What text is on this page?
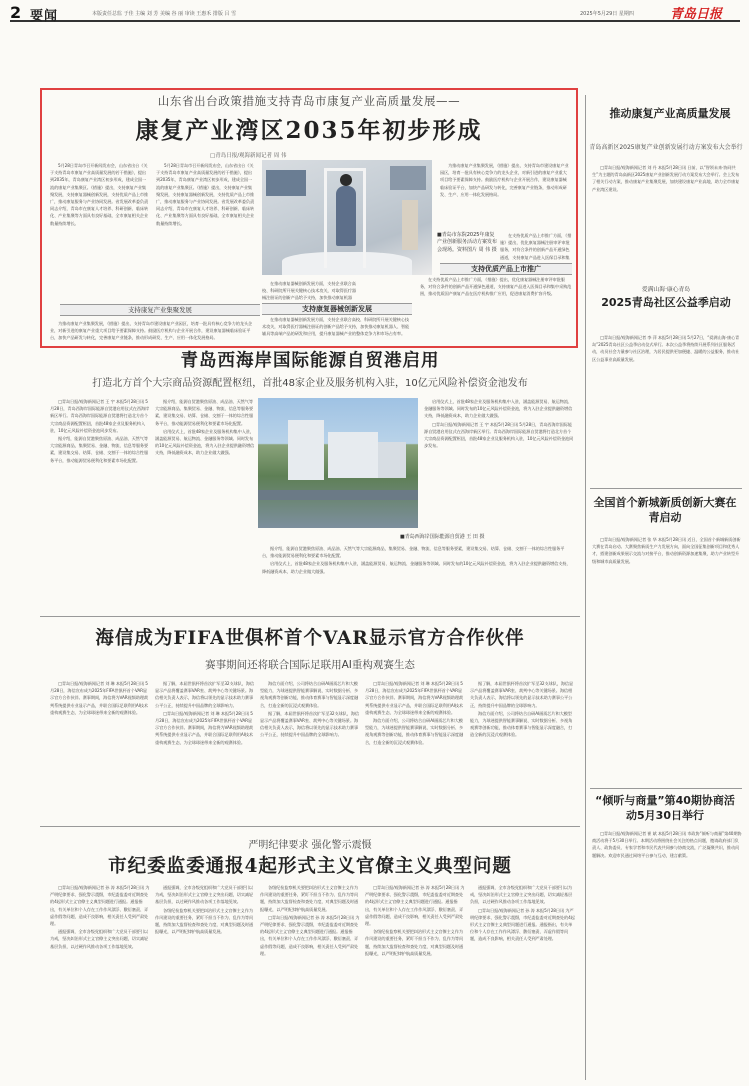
2 要闻	本版责任总监 于佳 主编 刘 芳 美编 谷 丽 审读 王惠禾 排版 吕 雪	2025年5月29日 星期四	青岛日报
山东省出台政策措施支持青岛市康复产业高质量发展——
康复产业湾区2035年初步形成
□青岛日报/观海新闻记者 周 伟

5月28日青岛市召开新闻发布会，山东省出台《关于支持青岛市康复产业高质量发展的若干措施》，提出到2035年，青岛康复产业湾区初步形成，建成全国一流的康复产业集聚区。《措施》提出，支持康复产业集聚发展，支持康复器械创新发展，支持优质产品上市推广，推动康复服务与产业协同发展。省发展改革委负责同志介绍，青岛市在康复人才培养、科研创新、临床转化、产业集聚等方面具有良好基础，全市康复相关企业数量持续增长。

5月28日青岛市召开新闻发布会，山东省出台《关于支持青岛市康复产业高质量发展的若干措施》，提出到2035年，青岛康复产业湾区初步形成，建成全国一流的康复产业集聚区。《措施》提出，支持康复产业集聚发展，支持康复器械创新发展，支持优质产品上市推广，推动康复服务与产业协同发展。省发展改革委负责同志介绍，青岛市在康复人才培养、科研创新、临床转化、产业集聚等方面具有良好基础，全市康复相关企业数量持续增长。

支持康复产业集聚发展

为推动康复产业集聚发展，《措施》提出，支持青岛市建设康复产业园区，培育一批具有核心竞争力的龙头企业，对新引进的康复产业重大项目给予要素保障支持。鼓励医疗机构与企业开展合作，建设康复器械临床验证平台，加快产品研发与转化，完善康复产业链条，推动形成研发、生产、应用一体化发展格局。

■青岛市东院2025年康复产业创新服务活动方案发布会现场。资料图片 周 伟 摄

在推动康复器械创新发展方面，支持企业联合高校、科研院所开展关键核心技术攻关，对取得医疗器械注册证的创新产品给予支持，加快推动康复机器

支持康复器械创新发展

在推动康复器械创新发展方面，支持企业联合高校、科研院所开展关键核心技术攻关，对取得医疗器械注册证的创新产品给予支持，加快推动康复机器人、智能辅具等高端产品的研发和应用，提升康复器械产业的整体竞争力和市场占有率。

为推动康复产业集聚发展，《措施》提出，支持青岛市建设康复产业园区，培育一批具有核心竞争力的龙头企业，对新引进的康复产业重大项目给予要素保障支持。鼓励医疗机构与企业开展合作，建设康复器械临床验证平台，加快产品研发与转化，完善康复产业链条，推动形成研发、生产、应用一体化发展格局。

在支持优质产品上市推广方面，《措施》提出，优化康复器械注册审评审批服务，对符合条件的创新产品开通绿色通道，支持康复产品进入医保目录和集

支持优质产品上市推广

在支持优质产品上市推广方面，《措施》提出，优化康复器械注册审评审批服务，对符合条件的创新产品开通绿色通道，支持康复产品进入医保目录和集中采购范围，推动优质国产康复产品在医疗机构推广应用，促进康复消费扩容升级。

推动康复产业高质量发展
青岛高新区2025康复产业创新发展行动方案发布大会举行

□青岛日报/观海新闻记者 刘 丹 本报5月28日讯 日前，以“智领未来·协同共生”为主题的青岛高新区2025康复产业创新发展行动方案发布大会举行。会上发布了相关行动方案，推动康复产业集聚发展，加快建设康复产业高地，助力全市康复产业湾区建设。

爱满山海·康心青岛
2025青岛社区公益季启动

□青岛日报/观海新闻记者 李 萍 本报5月28日讯 5月27日，“爱满山海·康心青岛”2025青岛社区公益季启动仪式举行。本次公益季将持续开展系列社区服务活动，动员社会力量参与社区治理，为居民提供更加便捷、温暖的公益服务，推动社区公益事业高质量发展。

全国首个新城新质创新大赛在青启动

□青岛日报/观海新闻记者 张 华 本报5月28日讯 近日，全国首个新城新质创新大赛在青岛启动。大赛聚焦新质生产力发展方向，面向全国征集创新项目和优秀人才，搭建创新成果展示交流与对接平台，推动创新资源加速集聚，助力产业转型升级和城市高质量发展。

“倾听与商量”第40期协商活动5月30日举行

□青岛日报/观海新闻记者 崔 斌 本报5月28日讯 市政协“倾听与商量”第40期协商活动将于5月30日举行。本期活动将围绕社会关注的热点问题，邀请政府部门负责人、政协委员、专家学者和市民代表共同参与协商交流，广泛凝聚共识，推动问题解决。欢迎市民通过网络平台参与互动，建言献策。

青岛西海岸国际能源自贸港启用
打造北方首个大宗商品资源配置枢纽，首批48家企业及服务机构入驻，10亿元风险补偿资金池发布

□青岛日报/观海新闻记者 王 宇 本报5月28日讯 5月28日，青岛西海岸国际能源自贸港启用仪式在西海岸新区举行。青岛西海岸国际能源自贸港将打造北方首个大宗商品资源配置枢纽，首批48家企业及服务机构入驻，10亿元风险补偿资金池同步发布。

据介绍，能源自贸港聚焦原油、成品油、天然气等大宗能源商品，集聚贸易、金融、物流、信息等服务要素，建设集交易、结算、仓储、交割于一体的综合性服务平台，推动能源贸易便利化和要素市场化配置。

据介绍，能源自贸港聚焦原油、成品油、天然气等大宗能源商品，集聚贸易、金融、物流、信息等服务要素，建设集交易、结算、仓储、交割于一体的综合性服务平台，推动能源贸易便利化和要素市场化配置。

启用仪式上，首批48家企业及服务机构集中入驻，涵盖能源贸易、航运物流、金融服务等领域。同时发布的10亿元风险补偿资金池，将为入驻企业提供融资增信支持，降低融资成本，助力企业做大做强。

■青岛西海岸国际能源自贸港 王 田 摄

启用仪式上，首批48家企业及服务机构集中入驻，涵盖能源贸易、航运物流、金融服务等领域。同时发布的10亿元风险补偿资金池，将为入驻企业提供融资增信支持，降低融资成本，助力企业做大做强。

□青岛日报/观海新闻记者 王 宇 本报5月28日讯 5月28日，青岛西海岸国际能源自贸港启用仪式在西海岸新区举行。青岛西海岸国际能源自贸港将打造北方首个大宗商品资源配置枢纽，首批48家企业及服务机构入驻，10亿元风险补偿资金池同步发布。

据介绍，能源自贸港聚焦原油、成品油、天然气等大宗能源商品，集聚贸易、金融、物流、信息等服务要素，建设集交易、结算、仓储、交割于一体的综合性服务平台，推动能源贸易便利化和要素市场化配置。

启用仪式上，首批48家企业及服务机构集中入驻，涵盖能源贸易、航运物流、金融服务等领域。同时发布的10亿元风险补偿资金池，将为入驻企业提供融资增信支持，降低融资成本，助力企业做大做强。

海信成为FIFA世俱杯首个VAR显示官方合作伙伴
赛事期间还将联合国际足联用AI重构观赛生态

□青岛日报/观海新闻记者 刘 琳 本报5月28日讯 5月28日，海信宣布成为2025年FIFA世俱杯首个VAR显示官方合作伙伴。赛事期间，海信将为VAR视频助理裁判系统提供专业显示产品，并联合国际足联利用AI技术重构观赛生态，为全球球迷带来全新的观赛体验。

据了解，本届世俱杯将首次扩军至32支球队，海信显示产品将覆盖赛事VAR室、裁判中心等关键场景。海信相关负责人表示，海信将以领先的显示技术助力赛事公平公正，持续提升中国品牌的全球影响力。

□青岛日报/观海新闻记者 刘 琳 本报5月28日讯 5月28日，海信宣布成为2025年FIFA世俱杯首个VAR显示官方合作伙伴。赛事期间，海信将为VAR视频助理裁判系统提供专业显示产品，并联合国际足联利用AI技术重构观赛生态，为全球球迷带来全新的观赛体验。

海信方面介绍，公司将结合自研AI画质芯片和大模型能力，为球迷提供智能赛事解说、实时数据分析、多视角观赛等创新功能，推动体育赛事与智能显示深度融合，打造全新的沉浸式观赛体验。

据了解，本届世俱杯将首次扩军至32支球队，海信显示产品将覆盖赛事VAR室、裁判中心等关键场景。海信相关负责人表示，海信将以领先的显示技术助力赛事公平公正，持续提升中国品牌的全球影响力。

□青岛日报/观海新闻记者 刘 琳 本报5月28日讯 5月28日，海信宣布成为2025年FIFA世俱杯首个VAR显示官方合作伙伴。赛事期间，海信将为VAR视频助理裁判系统提供专业显示产品，并联合国际足联利用AI技术重构观赛生态，为全球球迷带来全新的观赛体验。

海信方面介绍，公司将结合自研AI画质芯片和大模型能力，为球迷提供智能赛事解说、实时数据分析、多视角观赛等创新功能，推动体育赛事与智能显示深度融合，打造全新的沉浸式观赛体验。

据了解，本届世俱杯将首次扩军至32支球队，海信显示产品将覆盖赛事VAR室、裁判中心等关键场景。海信相关负责人表示，海信将以领先的显示技术助力赛事公平公正，持续提升中国品牌的全球影响力。

海信方面介绍，公司将结合自研AI画质芯片和大模型能力，为球迷提供智能赛事解说、实时数据分析、多视角观赛等创新功能，推动体育赛事与智能显示深度融合，打造全新的沉浸式观赛体验。

严明纪律要求 强化警示震慑
市纪委监委通报4起形式主义官僚主义典型问题

□青岛日报/观海新闻记者 孙 涛 本报5月28日讯 为严明纪律要求、强化警示震慑，市纪委监委对近期查处的4起形式主义官僚主义典型问题进行通报。通报指出，有关单位和个人存在工作作风漂浮、敷衍塞责、弄虚作假等问题，造成不良影响，相关责任人受到严肃处理。

通报强调，全市各级党组织和广大党员干部要引以为戒，坚决纠治形式主义官僚主义突出问题，切实减轻基层负担，以过硬作风推动各项工作落地见效。

通报强调，全市各级党组织和广大党员干部要引以为戒，坚决纠治形式主义官僚主义突出问题，切实减轻基层负担，以过硬作风推动各项工作落地见效。

各级纪检监察机关要把纠治形式主义官僚主义作为作风建设的重要任务，紧盯不担当不作为、乱作为等问题，持续加大监督检查和查处力度，对典型问题及时通报曝光，以严明纪律护航高质量发展。

各级纪检监察机关要把纠治形式主义官僚主义作为作风建设的重要任务，紧盯不担当不作为、乱作为等问题，持续加大监督检查和查处力度，对典型问题及时通报曝光，以严明纪律护航高质量发展。

□青岛日报/观海新闻记者 孙 涛 本报5月28日讯 为严明纪律要求、强化警示震慑，市纪委监委对近期查处的4起形式主义官僚主义典型问题进行通报。通报指出，有关单位和个人存在工作作风漂浮、敷衍塞责、弄虚作假等问题，造成不良影响，相关责任人受到严肃处理。

□青岛日报/观海新闻记者 孙 涛 本报5月28日讯 为严明纪律要求、强化警示震慑，市纪委监委对近期查处的4起形式主义官僚主义典型问题进行通报。通报指出，有关单位和个人存在工作作风漂浮、敷衍塞责、弄虚作假等问题，造成不良影响，相关责任人受到严肃处理。

各级纪检监察机关要把纠治形式主义官僚主义作为作风建设的重要任务，紧盯不担当不作为、乱作为等问题，持续加大监督检查和查处力度，对典型问题及时通报曝光，以严明纪律护航高质量发展。

通报强调，全市各级党组织和广大党员干部要引以为戒，坚决纠治形式主义官僚主义突出问题，切实减轻基层负担，以过硬作风推动各项工作落地见效。

□青岛日报/观海新闻记者 孙 涛 本报5月28日讯 为严明纪律要求、强化警示震慑，市纪委监委对近期查处的4起形式主义官僚主义典型问题进行通报。通报指出，有关单位和个人存在工作作风漂浮、敷衍塞责、弄虚作假等问题，造成不良影响，相关责任人受到严肃处理。
